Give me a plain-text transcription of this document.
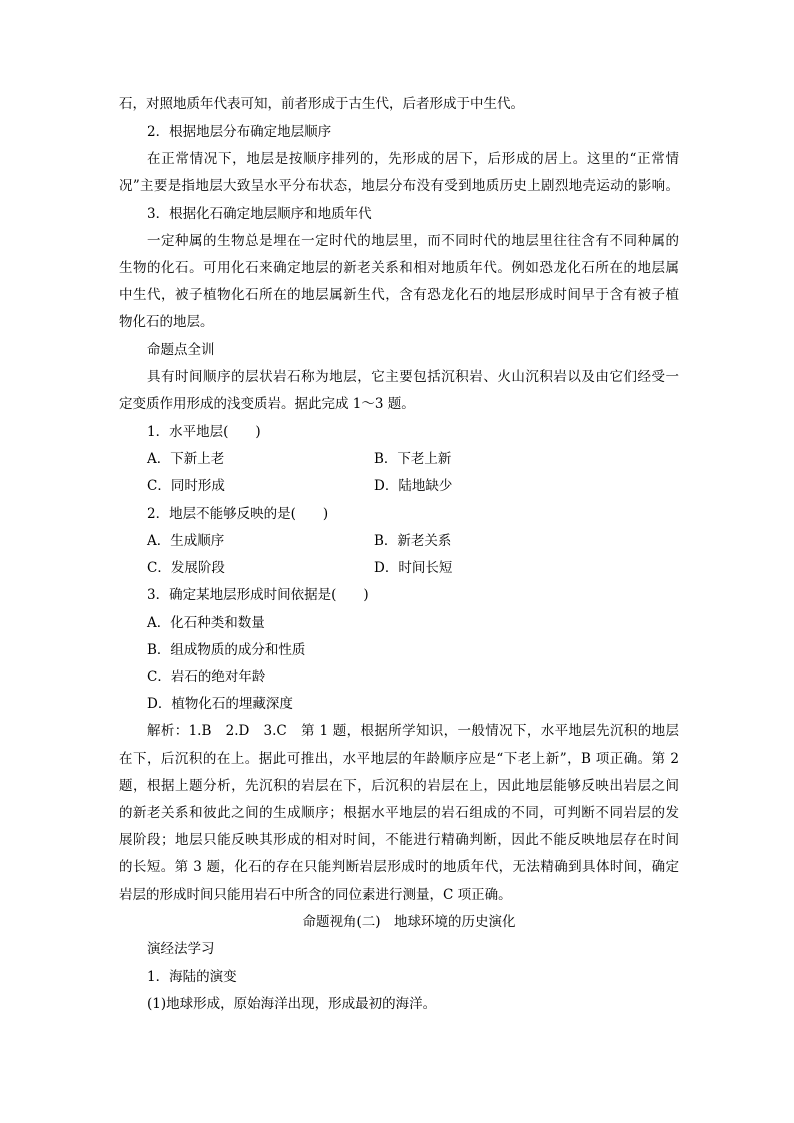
石，对照地质年代表可知，前者形成于古生代，后者形成于中生代。
2．根据地层分布确定地层顺序
在正常情况下，地层是按顺序排列的，先形成的居下，后形成的居上。这里的“正常情
况”主要是指地层大致呈水平分布状态，地层分布没有受到地质历史上剧烈地壳运动的影响。
3．根据化石确定地层顺序和地质年代
一定种属的生物总是埋在一定时代的地层里，而不同时代的地层里往往含有不同种属的
生物的化石。可用化石来确定地层的新老关系和相对地质年代。例如恐龙化石所在的地层属
中生代，被子植物化石所在的地层属新生代，含有恐龙化石的地层形成时间早于含有被子植
物化石的地层。
命题点全训
具有时间顺序的层状岩石称为地层，它主要包括沉积岩、火山沉积岩以及由它们经受一
定变质作用形成的浅变质岩。据此完成 1～3 题。
1．水平地层(　　)
A．下新上老	B．下老上新
C．同时形成	D．陆地缺少
2．地层不能够反映的是(　　)
A．生成顺序	B．新老关系
C．发展阶段	D．时间长短
3．确定某地层形成时间依据是(　　)
A．化石种类和数量
B．组成物质的成分和性质
C．岩石的绝对年龄
D．植物化石的埋藏深度
解析：1.B　2.D　3.C　第 1 题，根据所学知识，一般情况下，水平地层先沉积的地层
在下，后沉积的在上。据此可推出，水平地层的年龄顺序应是“下老上新”，B 项正确。第 2
题，根据上题分析，先沉积的岩层在下，后沉积的岩层在上，因此地层能够反映出岩层之间
的新老关系和彼此之间的生成顺序；根据水平地层的岩石组成的不同，可判断不同岩层的发
展阶段；地层只能反映其形成的相对时间，不能进行精确判断，因此不能反映地层存在时间
的长短。第 3 题，化石的存在只能判断岩层形成时的地质年代，无法精确到具体时间，确定
岩层的形成时间只能用岩石中所含的同位素进行测量，C 项正确。
命题视角(二)　地球环境的历史演化
演经法学习
1．海陆的演变
(1)地球形成，原始海洋出现，形成最初的海洋。
